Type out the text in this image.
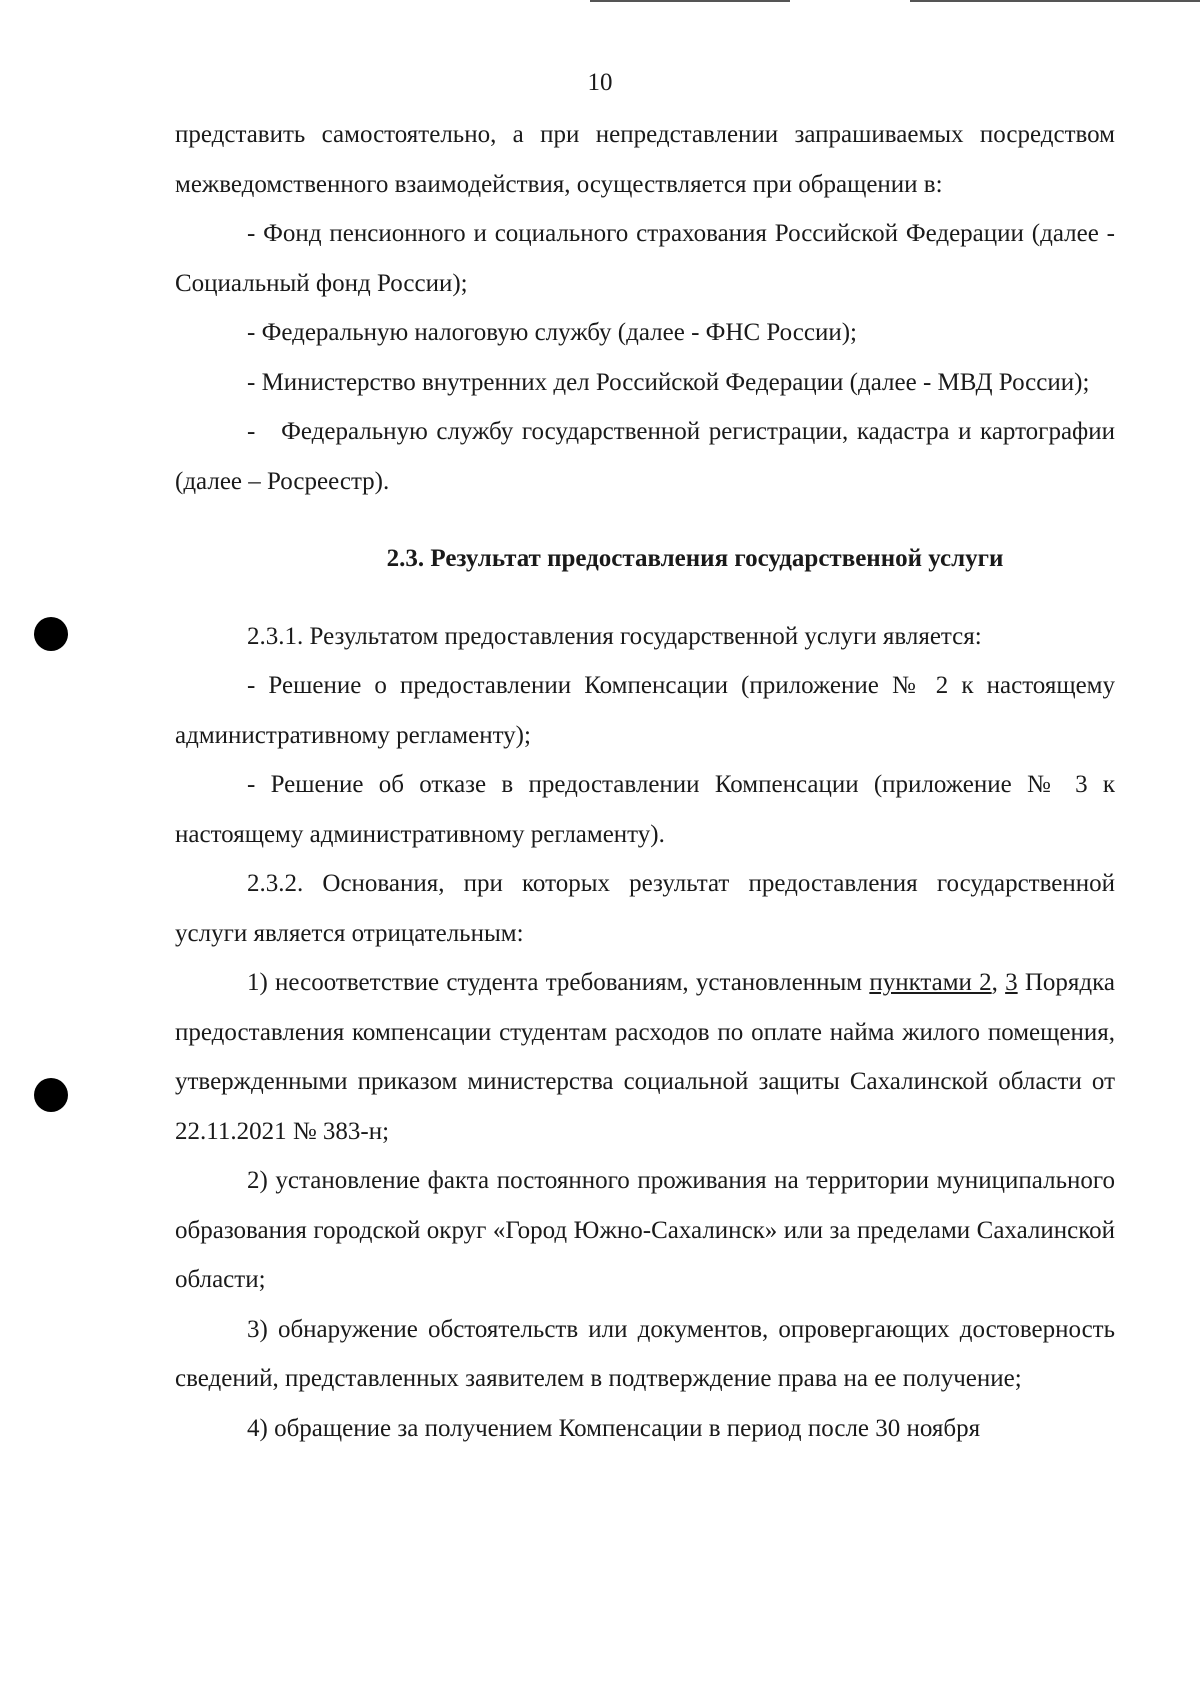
10

представить самостоятельно, а при непредставлении запрашиваемых посредством межведомственного взаимодействия, осуществляется при обращении в:

- Фонд пенсионного и социального страхования Российской Федерации (далее - Социальный фонд России);

- Федеральную налоговую службу (далее - ФНС России);

- Министерство внутренних дел Российской Федерации (далее - МВД России);

-   Федеральную службу государственной регистрации, кадастра и картографии (далее – Росреестр).

2.3. Результат предоставления государственной услуги

2.3.1. Результатом предоставления государственной услуги является:

- Решение о предоставлении Компенсации (приложение № 2 к настоящему административному регламенту);

- Решение об отказе в предоставлении Компенсации (приложение № 3 к настоящему административному регламенту).

2.3.2. Основания, при которых результат предоставления государственной услуги является отрицательным:

1) несоответствие студента требованиям, установленным пунктами 2, 3 Порядка предоставления компенсации студентам расходов по оплате найма жилого помещения, утвержденными приказом министерства социальной защиты Сахалинской области от 22.11.2021 № 383-н;

2) установление факта постоянного проживания на территории муниципального образования городской округ «Город Южно-Сахалинск» или за пределами Сахалинской области;

3) обнаружение обстоятельств или документов, опровергающих достоверность сведений, представленных заявителем в подтверждение права на ее получение;

4) обращение за получением Компенсации в период после 30 ноября
